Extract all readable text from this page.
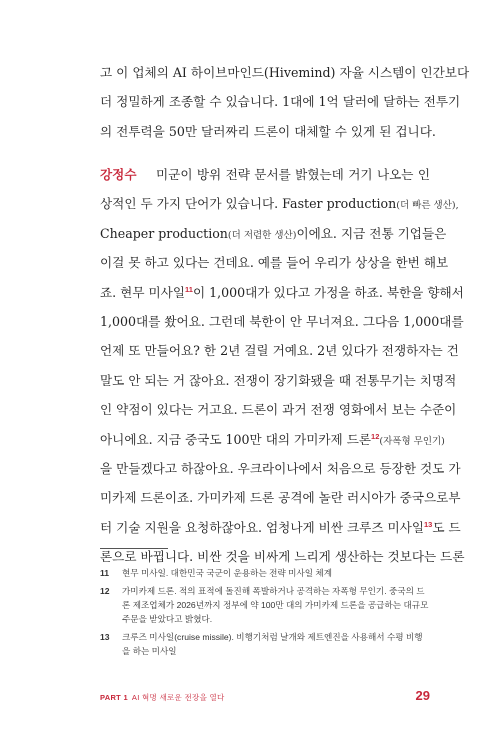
고 이 업체의 AI 하이브마인드(Hivemind) 자율 시스템이 인간보다
더 정밀하게 조종할 수 있습니다. 1대에 1억 달러에 달하는 전투기
의 전투력을 50만 달러짜리 드론이 대체할 수 있게 된 겁니다.
강정수 미군이 방위 전략 문서를 밝혔는데 거기 나오는 인
상적인 두 가지 단어가 있습니다. Faster production(더 빠른 생산),
Cheaper production(더 저렴한 생산)이에요. 지금 전통 기업들은
이걸 못 하고 있다는 건데요. 예를 들어 우리가 상상을 한번 해보
죠. 현무 미사일$^{11}$이 1,000대가 있다고 가정을 하죠. 북한을 향해서
1,000대를 쐈어요. 그런데 북한이 안 무너져요. 그다음 1,000대를
언제 또 만들어요? 한 2년 걸릴 거예요. 2년 있다가 전쟁하자는 건
말도 안 되는 거 잖아요. 전쟁이 장기화됐을 때 전통무기는 치명적
인 약점이 있다는 거고요. 드론이 과거 전쟁 영화에서 보는 수준이
아니에요. 지금 중국도 100만 대의 가미카제 드론$^{12}$(자폭형 무인기)
을 만들겠다고 하잖아요. 우크라이나에서 처음으로 등장한 것도 가
미카제 드론이죠. 가미카제 드론 공격에 놀란 러시아가 중국으로부
터 기술 지원을 요청하잖아요. 엄청나게 비싼 크루즈 미사일$^{13}$도 드
론으로 바뀝니다. 비싼 것을 비싸게 느리게 생산하는 것보다는 드론
11	현무 미사일. 대한민국 국군이 운용하는 전략 미사일 체계
12	가미카제 드론. 적의 표적에 돌진해 폭발하거나 공격하는 자폭형 무인기. 중국의 드론 제조업체가 2026년까지 정부에 약 100만 대의 가미카제 드론을 공급하는 대규모 주문을 받았다고 밝혔다.
13	크루즈 미사일(cruise missile). 비행기처럼 날개와 제트엔진을 사용해서 수평 비행을 하는 미사일
PART 1 AI 혁명 새로운 전장을 열다	29
